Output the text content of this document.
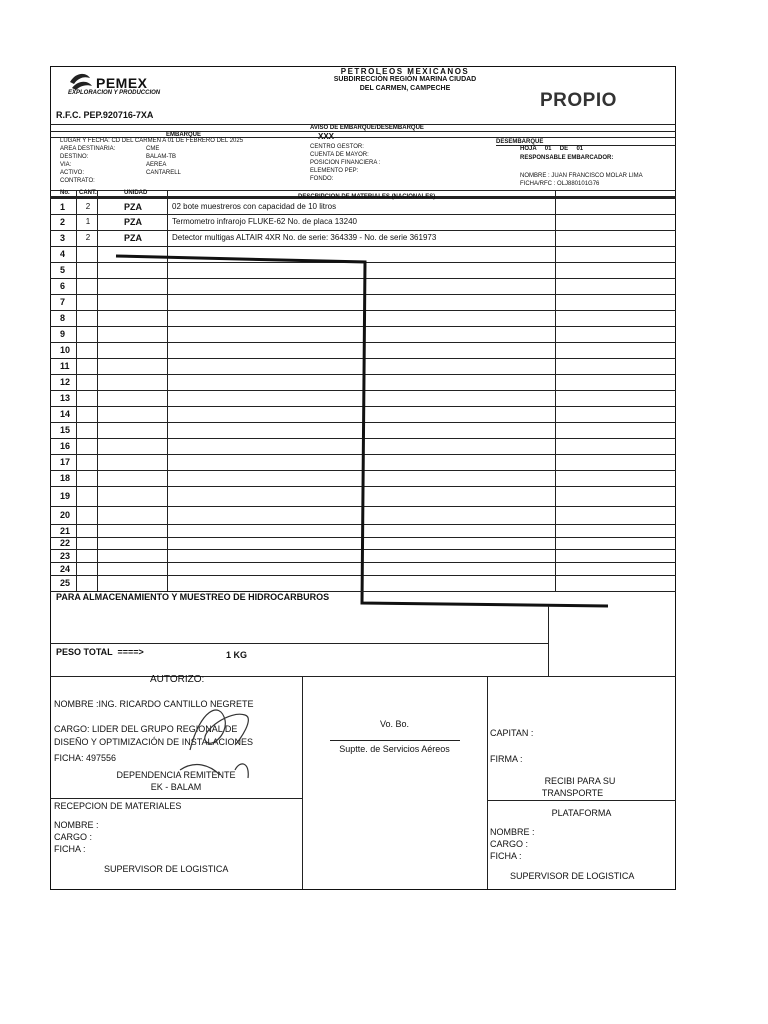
PEMEX
EXPLORACION Y PRODUCCION
PETROLEOS MEXICANOS
SUBDIRECCIÓN REGIÓN MARINA CIUDAD
DEL CARMEN, CAMPECHE
PROPIO
R.F.C. PEP.920716-7XA
AVISO DE EMBARQUE/DESEMBARQUE
EMBARQUE	XXX
DESEMBARQUE
LUGAR Y FECHA: CD DEL CARMEN A 01 DE FEBRERO DEL 2025
AREA DESTINARIA:	CME
DESTINO:	BALAM-TB
VIA:	AEREA
ACTIVO:	CANTARELL
CONTRATO:
CENTRO GESTOR:
CUENTA DE MAYOR:
POSICION FINANCIERA :
ELEMENTO PEP:
FONDO:
HOJA     01     DE     01
RESPONSABLE EMBARCADOR:
NOMBRE : JUAN FRANCISCO MOLAR LIMA
FICHA/RFC : OLJ880101G76
No. CANT.	UNIDAD
DESCRIPCION DE MATERIALES (NACIONALES)
1	2	PZA	02 bote muestreros con capacidad de 10 litros
2	1	PZA	Termometro infrarojo FLUKE-62 No. de placa 13240
3	2	PZA	Detector multigas ALTAIR 4XR No. de serie: 364339 - No. de serie 361973
4
5
6
7
8
9
10
11
12
13
14
15
16
17
18
19
20
21
22
23
24
25
PARA ALMACENAMIENTO Y MUESTREO DE HIDROCARBUROS
PESO TOTAL  ====>	1 KG
AUTORIZO:
NOMBRE :ING. RICARDO CANTILLO NEGRETE
CARGO: LIDER DEL GRUPO REGIONAL DE
DISEÑO Y OPTIMIZACIÓN DE INSTALACIONES
FICHA: 497556
DEPENDENCIA REMITENTE
EK - BALAM
Vo. Bo.
Suptte. de Servicios Aéreos
CAPITAN :
FIRMA :
RECIBI PARA SU
TRANSPORTE
RECEPCION DE MATERIALES
NOMBRE :
CARGO :
FICHA :
SUPERVISOR DE LOGISTICA
PLATAFORMA
NOMBRE :
CARGO :
FICHA :
SUPERVISOR DE LOGISTICA
